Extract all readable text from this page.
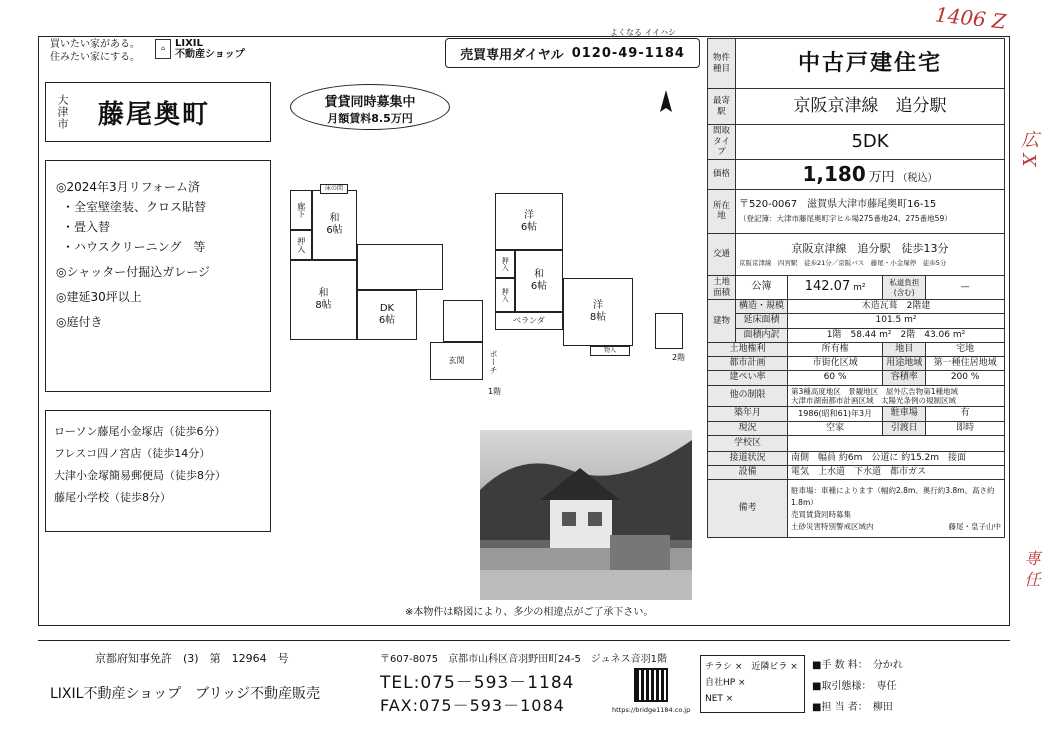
1406 Z
広 X
専 任
買いたい家がある。
住みたい家にする。
⌂	LIXIL
不動産ショップ	売買専用ダイヤル 0120-49-1184
よくなる イイハシ
大津市 藤尾奥町	賃貸同時募集中
月額賃料8.5万円
N
◎2024年3月リフォーム済
・全室壁塗装、クロス貼替
・畳入替
・ハウスクリーニング　等
◎シャッター付掘込ガレージ
◎建延30坪以上
◎庭付き
ローソン藤尾小金塚店（徒歩6分）
フレスコ四ノ宮店（徒歩14分）
大津小金塚簡易郵便局（徒歩8分）
藤尾小学校（徒歩8分）
廊下
押入
和
6帖
床の間
和
8帖	DK
6帖
玄関	ポーチ
1階
洋
6帖
押入
押入
和
6帖
洋
8帖
ベランダ
物入
2階
※本物件は略図により、多少の相違点がご了承下さい。
物件種目	中古戸建住宅			
最寄駅	京阪京津線　追分駅			
間取タイプ	5DK			
価格	1,180 万円 （税込）			
所在地	〒520-0067　滋賀県大津市藤尾奥町16-15
（登記簿：大津市藤尾奥町字ヒル場275番地24、275番地59）			

交通	京阪京津線　追分駅　徒歩13分
京阪京津線　四宮駅　徒歩21分／京阪バス　藤尾・小金塚停　徒歩5分			

土地面積	公簿	142.07 m²	私道負担(含む)	—
建物	構造・規模	木造瓦葺　2階建		
	延床面積	101.5 m²		
	面積内訳	1階　58.44 m²　2階　43.06 m²		
土地権利		所有権	地目	宅地
都市計画		市街化区域	用途地域	第一種住居地域
建ぺい率		60 %	容積率	200 %
他の制限		第3種高度地区　景観地区　屋外広告物第1種地域
大津市湖南都市計画区域　太陽光条例の規制区域		

築年月		1986(昭和61)年3月	駐車場	有
現況		空家	引渡日	即時
学校区				
接道状況		南側　幅員 約6m　公道に 約15.2m　接面		
設備		電気　上水道　下水道　都市ガス		
備考		駐車場：車種によります（幅約2.8m、奥行約3.8m、高さ約1.8m）
売買賃貸同時募集
土砂災害特別警戒区域内 藤尾・皇子山中		
京都府知事免許　(3)　第　12964　号	〒607-8075　京都市山科区音羽野田町24-5　ジュネス音羽1階
LIXIL不動産ショップ　ブリッジ不動産販売
TEL:075－593－1184
FAX:075－593－1084	https://bridge1184.co.jp
チラシ ×　近隣ビラ ×
自社HP ×
NET ×
■手 数 料：　 分かれ
■取引態様：　 専任
■担 当 者：　 柳田
